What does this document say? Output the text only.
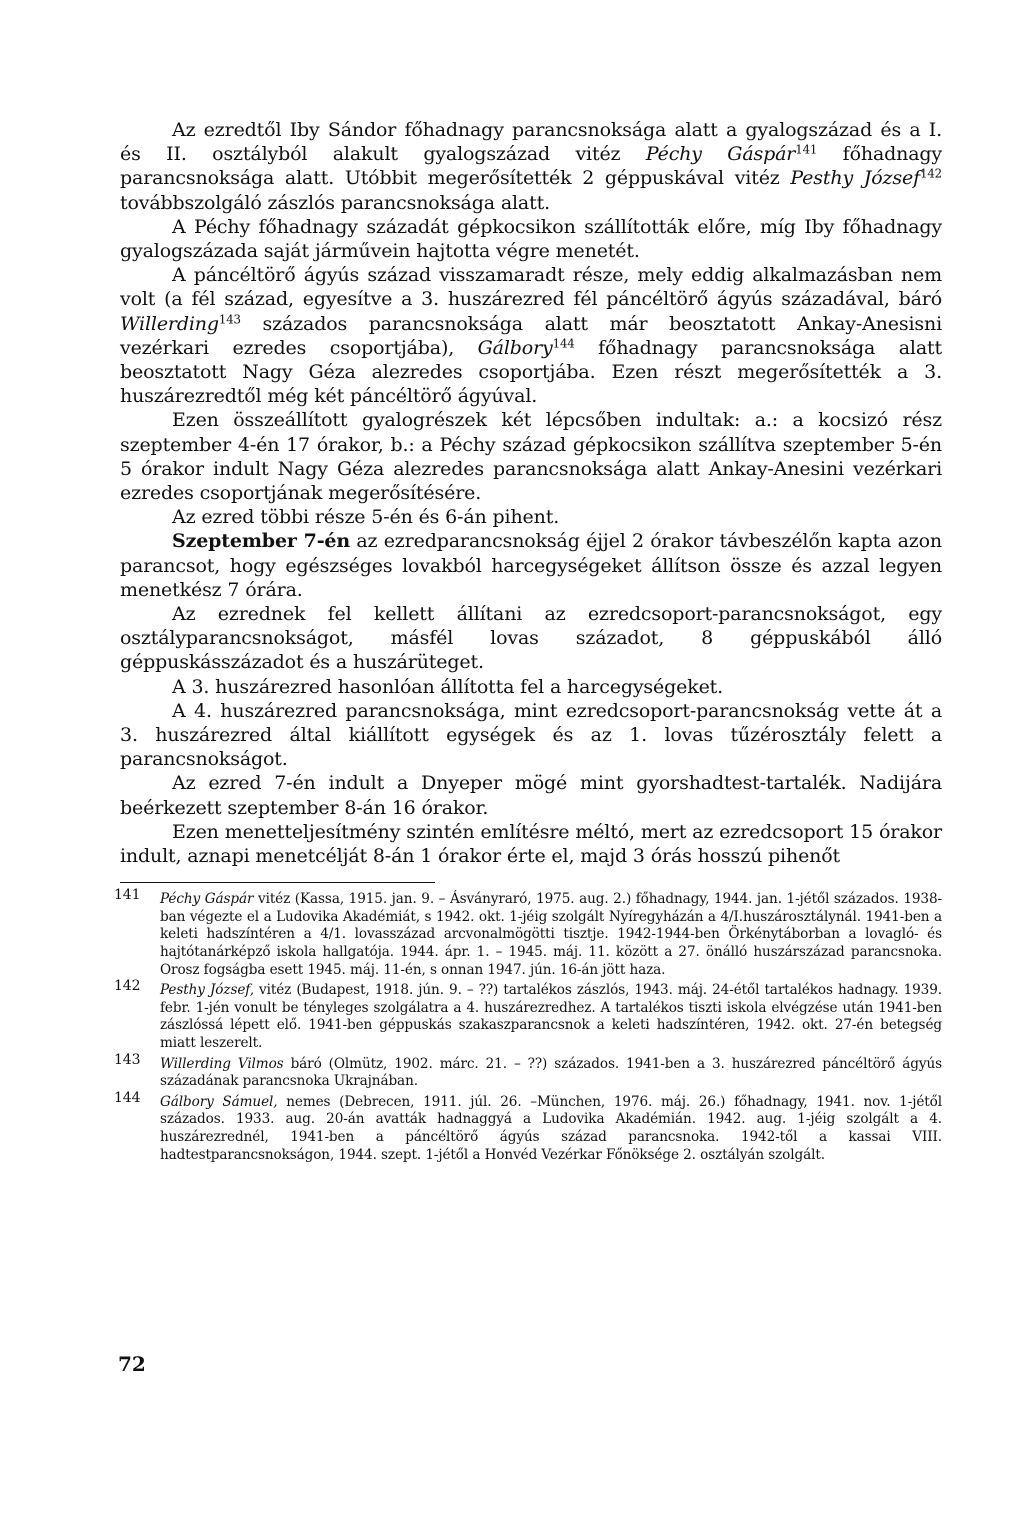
Az ezredtől Iby Sándor főhadnagy parancsnoksága alatt a gyalogszázad és a I. és II. osztályból alakult gyalogszázad vitéz Péchy Gáspár$^{141}$ főhadnagy parancsnoksága alatt. Utóbbit megerősítették 2 géppuskával vitéz Pesthy József$^{142}$ továbbszolgáló zászlós parancsnoksága alatt.

A Péchy főhadnagy századát gépkocsikon szállították előre, míg Iby főhadnagy gyalogszázada saját járművein hajtotta végre menetét.

A páncéltörő ágyús század visszamaradt része, mely eddig alkalmazásban nem volt (a fél század, egyesítve a 3. huszárezred fél páncéltörő ágyús századával, báró Willerding$^{143}$ százados parancsnoksága alatt már beosztatott Ankay-Anesisni vezérkari ezredes csoportjába), Gálbory$^{144}$ főhadnagy parancsnoksága alatt beosztatott Nagy Géza alezredes csoportjába. Ezen részt megerősítették a 3. huszárezredtől még két páncéltörő ágyúval.

Ezen összeállított gyalogrészek két lépcsőben indultak: a.: a kocsizó rész szeptember 4-én 17 órakor, b.: a Péchy század gépkocsikon szállítva szeptember 5-én 5 órakor indult Nagy Géza alezredes parancsnoksága alatt Ankay-Anesini vezérkari ezredes csoportjának megerősítésére.

Az ezred többi része 5-én és 6-án pihent.

Szeptember 7-én az ezredparancsnokság éjjel 2 órakor távbeszélőn kapta azon parancsot, hogy egészséges lovakból harcegységeket állítson össze és azzal legyen menetkész 7 órára.

Az ezrednek fel kellett állítani az ezredcsoport-parancsnokságot, egy osztályparancsnokságot, másfél lovas századot, 8 géppuskából álló géppuskásszázadot és a huszárüteget.

A 3. huszárezred hasonlóan állította fel a harcegységeket.

A 4. huszárezred parancsnoksága, mint ezredcsoport-parancsnokság vette át a 3. huszárezred által kiállított egységek és az 1. lovas tűzérosztály felett a parancsnokságot.

Az ezred 7-én indult a Dnyeper mögé mint gyorshadtest-tartalék. Nadijára beérkezett szeptember 8-án 16 órakor.

Ezen menetteljesítmény szintén említésre méltó, mert az ezredcsoport 15 órakor indult, aznapi menetcélját 8-án 1 órakor érte el, majd 3 órás hosszú pihenőt

141 Péchy Gáspár vitéz (Kassa, 1915. jan. 9. – Ásványraró, 1975. aug. 2.) főhadnagy, 1944. jan. 1-jétől százados. 1938-ban végezte el a Ludovika Akadémiát, s 1942. okt. 1-jéig szolgált Nyíregyházán a 4/I.huszárosztálynál. 1941-ben a keleti hadszíntéren a 4/1. lovasszázad arcvonalmögötti tisztje. 1942-1944-ben Örkénytáborban a lovagló- és hajtótanárképző iskola hallgatója. 1944. ápr. 1. – 1945. máj. 11. között a 27. önálló huszárszázad parancsnoka. Orosz fogságba esett 1945. máj. 11-én, s onnan 1947. jún. 16-án jött haza.
142 Pesthy József, vitéz (Budapest, 1918. jún. 9. – ??) tartalékos zászlós, 1943. máj. 24-étől tartalékos hadnagy. 1939. febr. 1-jén vonult be tényleges szolgálatra a 4. huszárezredhez. A tartalékos tiszti iskola elvégzése után 1941-ben zászlóssá lépett elő. 1941-ben géppuskás szakaszparancsnok a keleti hadszíntéren, 1942. okt. 27-én betegség miatt leszerelt.
143 Willerding Vilmos báró (Olmütz, 1902. márc. 21. – ??) százados. 1941-ben a 3. huszárezred páncéltörő ágyús századának parancsnoka Ukrajnában.
144 Gálbory Sámuel, nemes (Debrecen, 1911. júl. 26. –München, 1976. máj. 26.) főhadnagy, 1941. nov. 1-jétől százados. 1933. aug. 20-án avatták hadnaggyá a Ludovika Akadémián. 1942. aug. 1-jéig szolgált a 4. huszárezrednél, 1941-ben a páncéltörő ágyús század parancsnoka. 1942-től a kassai VIII. hadtestparancsnokságon, 1944. szept. 1-jétől a Honvéd Vezérkar Főnöksége 2. osztályán szolgált.
72
